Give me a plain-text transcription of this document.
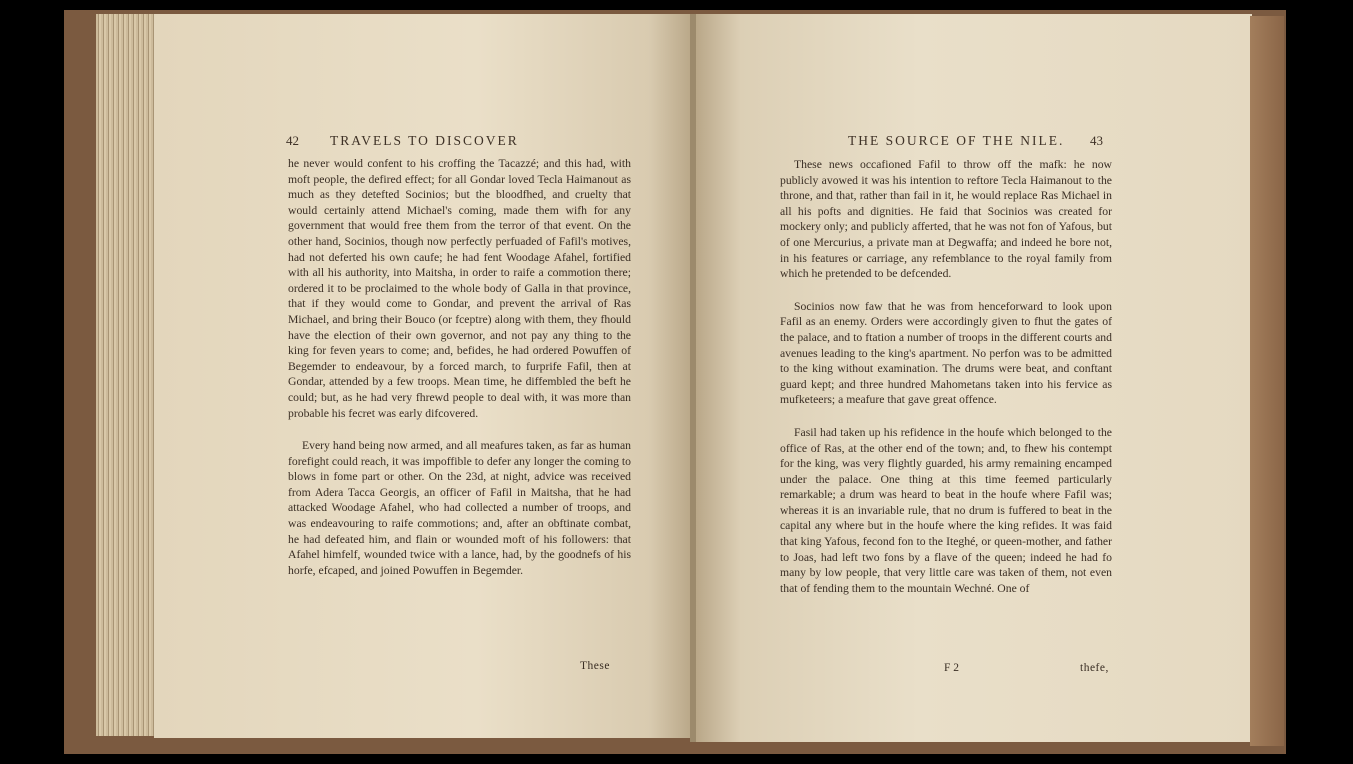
42 TRAVELS TO DISCOVER

he never would confent to his croffing the Tacazzé; and this had, with moft people, the defired effect; for all Gondar loved Tecla Haimanout as much as they detefted Socinios; but the bloodfhed, and cruelty that would certainly attend Michael's coming, made them wifh for any government that would free them from the terror of that event. On the other hand, Socinios, though now perfectly perfuaded of Fafil's motives, had not deferted his own caufe; he had fent Woodage Afahel, fortified with all his authority, into Maitsha, in order to raife a commotion there; ordered it to be proclaimed to the whole body of Galla in that province, that if they would come to Gondar, and prevent the arrival of Ras Michael, and bring their Bouco (or fceptre) along with them, they fhould have the election of their own governor, and not pay any thing to the king for feven years to come; and, befides, he had ordered Powuffen of Begemder to endeavour, by a forced march, to furprife Fafil, then at Gondar, attended by a few troops. Mean time, he diffembled the beft he could; but, as he had very fhrewd people to deal with, it was more than probable his fecret was early difcovered.

Every hand being now armed, and all meafures taken, as far as human forefight could reach, it was impoffible to defer any longer the coming to blows in fome part or other. On the 23d, at night, advice was received from Adera Tacca Georgis, an officer of Fafil in Maitsha, that he had attacked Woodage Afahel, who had collected a number of troops, and was endeavouring to raife commotions; and, after an obftinate combat, he had defeated him, and flain or wounded moft of his followers: that Afahel himfelf, wounded twice with a lance, had, by the goodnefs of his horfe, efcaped, and joined Powuffen in Begemder.

These
THE SOURCE OF THE NILE. 43

These news occafioned Fafil to throw off the mafk: he now publicly avowed it was his intention to reftore Tecla Haimanout to the throne, and that, rather than fail in it, he would replace Ras Michael in all his pofts and dignities. He faid that Socinios was created for mockery only; and publicly afferted, that he was not fon of Yafous, but of one Mercurius, a private man at Degwaffa; and indeed he bore not, in his features or carriage, any refemblance to the royal family from which he pretended to be defcended.

Socinios now faw that he was from henceforward to look upon Fafil as an enemy. Orders were accordingly given to fhut the gates of the palace, and to ftation a number of troops in the different courts and avenues leading to the king's apartment. No perfon was to be admitted to the king without examination. The drums were beat, and conftant guard kept; and three hundred Mahometans taken into his fervice as mufketeers; a meafure that gave great offence.

Fasil had taken up his refidence in the houfe which belonged to the office of Ras, at the other end of the town; and, to fhew his contempt for the king, was very flightly guarded, his army remaining encamped under the palace. One thing at this time feemed particularly remarkable; a drum was heard to beat in the houfe where Fafil was; whereas it is an invariable rule, that no drum is fuffered to beat in the capital any where but in the houfe where the king refides. It was faid that king Yafous, fecond fon to the Iteghé, or queen-mother, and father to Joas, had left two fons by a flave of the queen; indeed he had fo many by low people, that very little care was taken of them, not even that of fending them to the mountain Wechné. One of

F 2	thefe,
